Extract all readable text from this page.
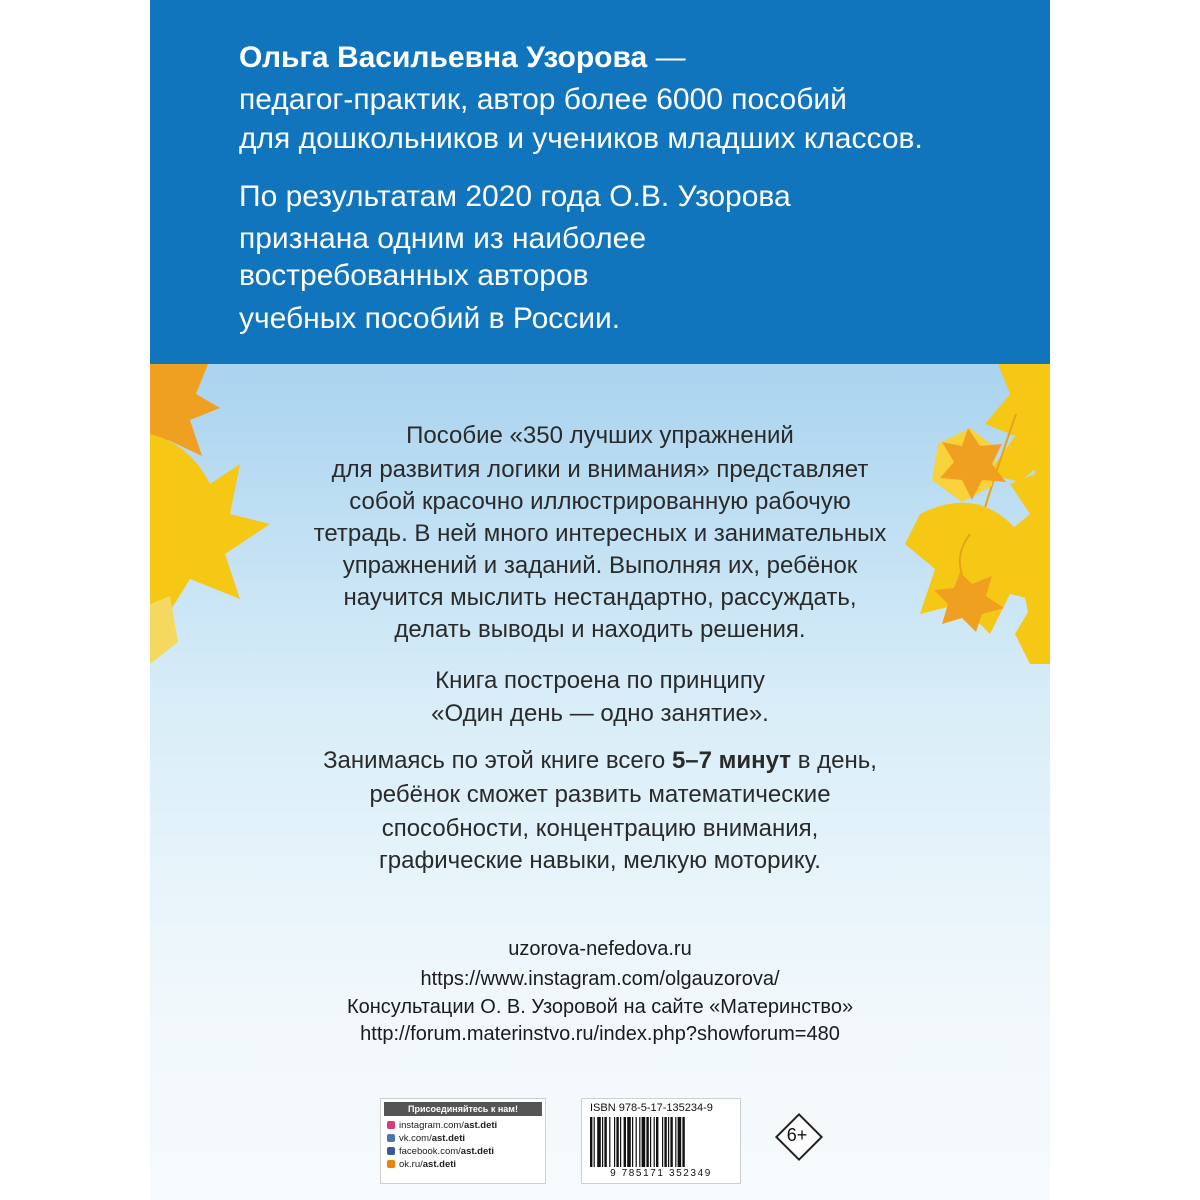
Ольга Васильевна Узорова —
педагог-практик, автор более 6000 пособий
для дошкольников и учеников младших классов.
По результатам 2020 года О.В. Узорова
признана одним из наиболее
востребованных авторов
учебных пособий в России.
Пособие «350 лучших упражнений
для развития логики и внимания» представляет
собой красочно иллюстрированную рабочую
тетрадь. В ней много интересных и занимательных
упражнений и заданий. Выполняя их, ребёнок
научится мыслить нестандартно, рассуждать,
делать выводы и находить решения.
Книга построена по принципу
«Один день — одно занятие».
Занимаясь по этой книге всего 5–7 минут в день,
ребёнок сможет развить математические
способности, концентрацию внимания,
графические навыки, мелкую моторику.
uzorova-nefedova.ru
https://www.instagram.com/olgauzorova/
Консультации О. В. Узоровой на сайте «Материнство»
http://forum.materinstvo.ru/index.php?showforum=480
Присоединяйтесь к нам!
instagram.com/ast.deti
vk.com/ast.deti
facebook.com/ast.deti
ok.ru/ast.deti
ISBN 978-5-17-135234-9
9 785171 352349
6+
